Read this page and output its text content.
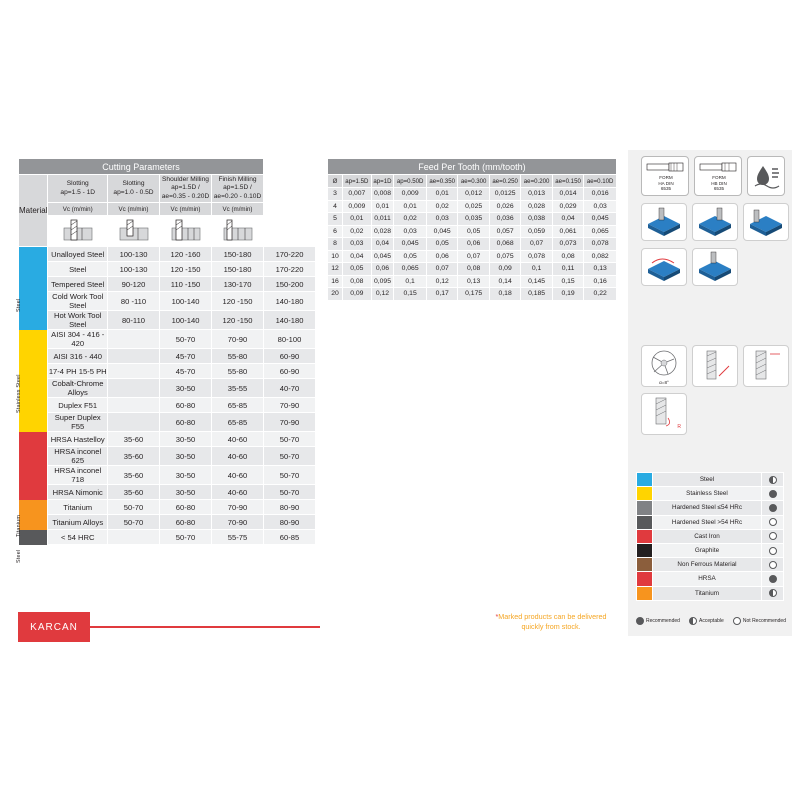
Cutting Parameters					
Material	
Slotting
ap=1.5 - 1D

Slotting
ap=1.0 - 0.5D

Shoulder Milling
ap=1.5D /
ae=0.35 - 0.20D

Finish Milling
ap=1.5D /
ae=0.20 - 0.10D

	Vc (m/min)	Vc (m/min)	Vc (m/min)	Vc (m/min)	

	Unalloyed Steel	100-130	120 -160	150-180	170-220
	Steel	100-130	120 -150	150-180	170-220
	Tempered Steel	90-120	110 -150	130-170	150-200
	Cold Work Tool Steel	80 -110	100-140	120 -150	140-180
	Hot Work Tool Steel	80-110	100-140	120 -150	140-180
	AISI 304 - 416 - 420		50-70	70-90	80-100
	AISI 316 - 440		45-70	55-80	60-90
	17-4 PH 15-5 PH		45-70	55-80	60-90
	Cobalt-Chrome Alloys		30-50	35-55	40-70
	Duplex F51		60-80	65-85	70-90
	Super Duplex F55		60-80	65-85	70-90
	HRSA Hastelloy	35-60	30-50	40-60	50-70
	HRSA inconel 625	35-60	30-50	40-60	50-70
	HRSA inconel 718	35-60	30-50	40-60	50-70
	HRSA Nimonic	35-60	30-50	40-60	50-70
	Titanium	50-70	60-80	70-90	80-90
	Titanium Alloys	50-70	60-80	70-90	80-90
	< 54 HRC		50-70	55-75	60-85
Steel
Stainless Steel
Titanium
Steel
Feed Per Tooth (mm/tooth)									
Ø	ap=1.5D	ap=1D	ap=0.50D	ae=0.350	ae=0.300	ae=0.250	ae=0.200	ae=0.150	ae=0.10D
3	0,007	0,008	0,009	0,01	0,012	0,0125	0,013	0,014	0,016
4	0,009	0,01	0,01	0,02	0,025	0,026	0,028	0,029	0,03
5	0,01	0,011	0,02	0,03	0,035	0,036	0,038	0,04	0,045
6	0,02	0,028	0,03	0,045	0,05	0,057	0,059	0,061	0,065
8	0,03	0,04	0,045	0,05	0,06	0,068	0,07	0,073	0,078
10	0,04	0,045	0,05	0,06	0,07	0,075	0,078	0,08	0,082
12	0,05	0,06	0,065	0,07	0,08	0,09	0,1	0,11	0,13
16	0,08	0,095	0,1	0,12	0,13	0,14	0,145	0,15	0,16
20	0,09	0,12	0,15	0,17	0,175	0,18	0,185	0,19	0,22
FORM
HA DIN
6535
FORM
HB DIN
6535
α=8°
R
	Steel	
	Stainless Steel	
	Hardened Steel ≤54 HRc	
	Hardened Steel >54 HRc	
	Cast Iron	
	Graphite	
	Non Ferrous Material	
	HRSA	
	Titanium	
Recommended	Acceptable	Not Recommended
KARCAN
*Marked products can be delivered
quickly from stock.
